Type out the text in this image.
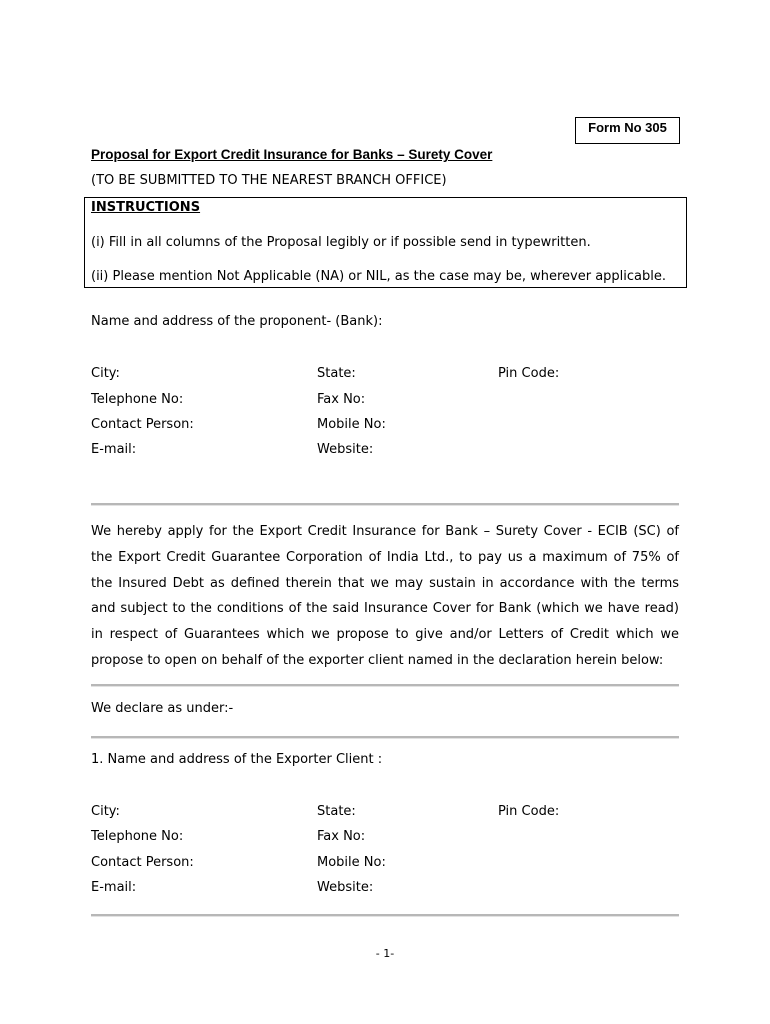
Form No 305
Proposal for Export Credit Insurance for Banks – Surety Cover
(TO BE SUBMITTED TO THE NEAREST BRANCH OFFICE)
INSTRUCTIONS
(i) Fill in all columns of the Proposal legibly or if possible send in typewritten.
(ii) Please mention Not Applicable (NA) or NIL, as the case may be, wherever applicable.
Name and address of the proponent- (Bank):
City:	State:	Pin Code:
Telephone No:	Fax No:
Contact Person:	Mobile No:
E-mail:	Website:
We hereby apply for the Export Credit Insurance for Bank – Surety Cover - ECIB (SC) of the Export Credit Guarantee Corporation of India Ltd., to pay us a maximum of 75% of the Insured Debt as defined therein that we may sustain in accordance with the terms and subject to the conditions of the said Insurance Cover for Bank (which we have read) in respect of Guarantees which we propose to give and/or Letters of Credit which we propose to open on behalf of the exporter client named in the declaration herein below:
We declare as under:-
1. Name and address of the Exporter Client :
City:	State:	Pin Code:
Telephone No:	Fax No:
Contact Person:	Mobile No:
E-mail:	Website:
- 1-
